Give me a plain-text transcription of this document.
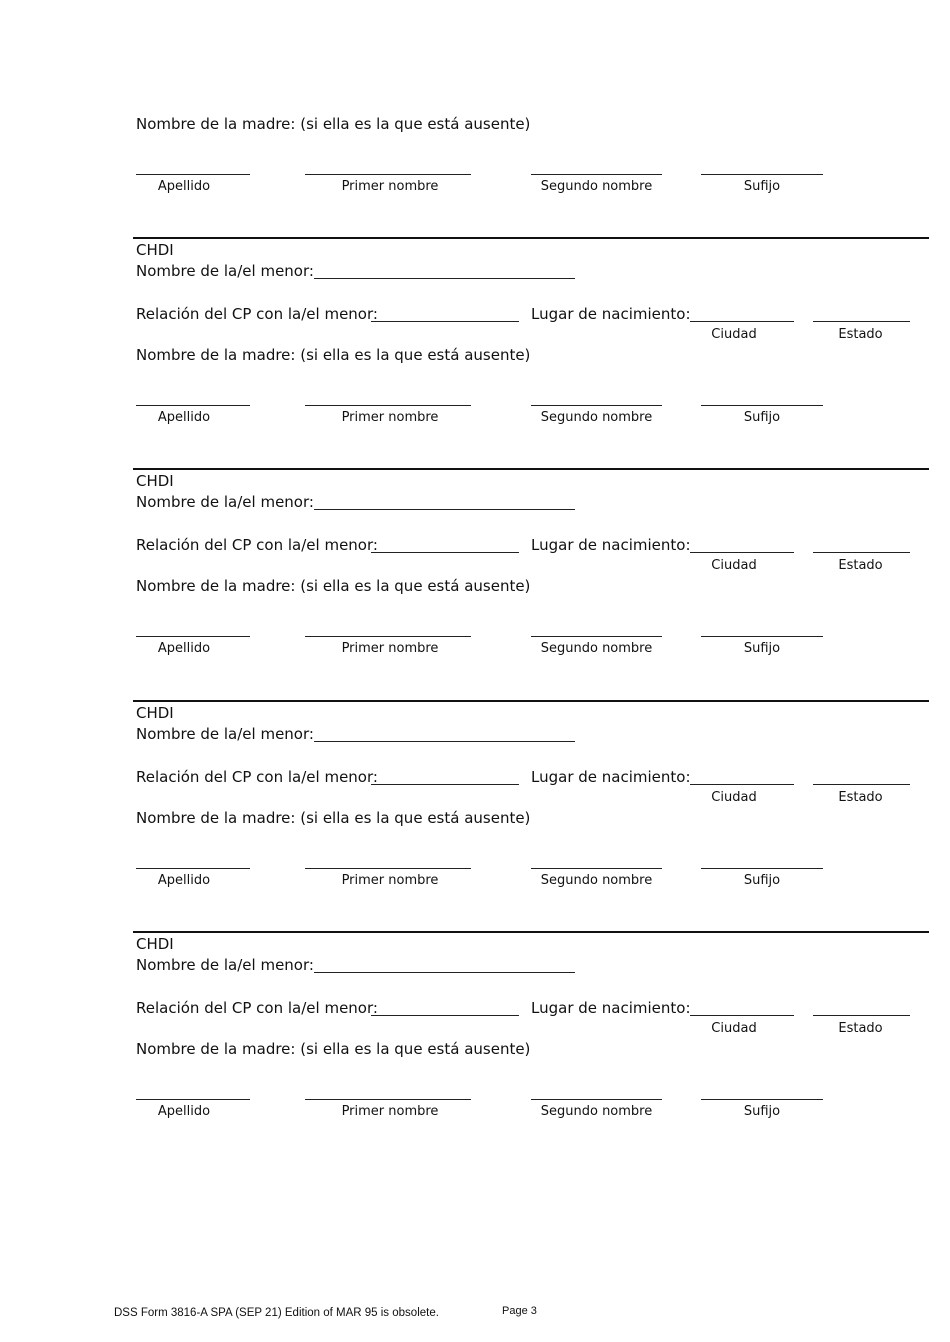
Nombre de la madre: (si ella es la que está ausente)
Apellido	Primer nombre	Segundo nombre	Sufijo
CHDI
Nombre de la/el menor:
Relación del CP con la/el menor:	Lugar de nacimiento:
Ciudad	Estado
Nombre de la madre: (si ella es la que está ausente)
Apellido	Primer nombre	Segundo nombre	Sufijo
CHDI
Nombre de la/el menor:
Relación del CP con la/el menor:	Lugar de nacimiento:
Ciudad	Estado
Nombre de la madre: (si ella es la que está ausente)
Apellido	Primer nombre	Segundo nombre	Sufijo
CHDI
Nombre de la/el menor:
Relación del CP con la/el menor:	Lugar de nacimiento:
Ciudad	Estado
Nombre de la madre: (si ella es la que está ausente)
Apellido	Primer nombre	Segundo nombre	Sufijo
CHDI
Nombre de la/el menor:
Relación del CP con la/el menor:	Lugar de nacimiento:
Ciudad	Estado
Nombre de la madre: (si ella es la que está ausente)
Apellido	Primer nombre	Segundo nombre	Sufijo
DSS Form 3816-A SPA (SEP 21) Edition of MAR 95 is obsolete.	Page 3
